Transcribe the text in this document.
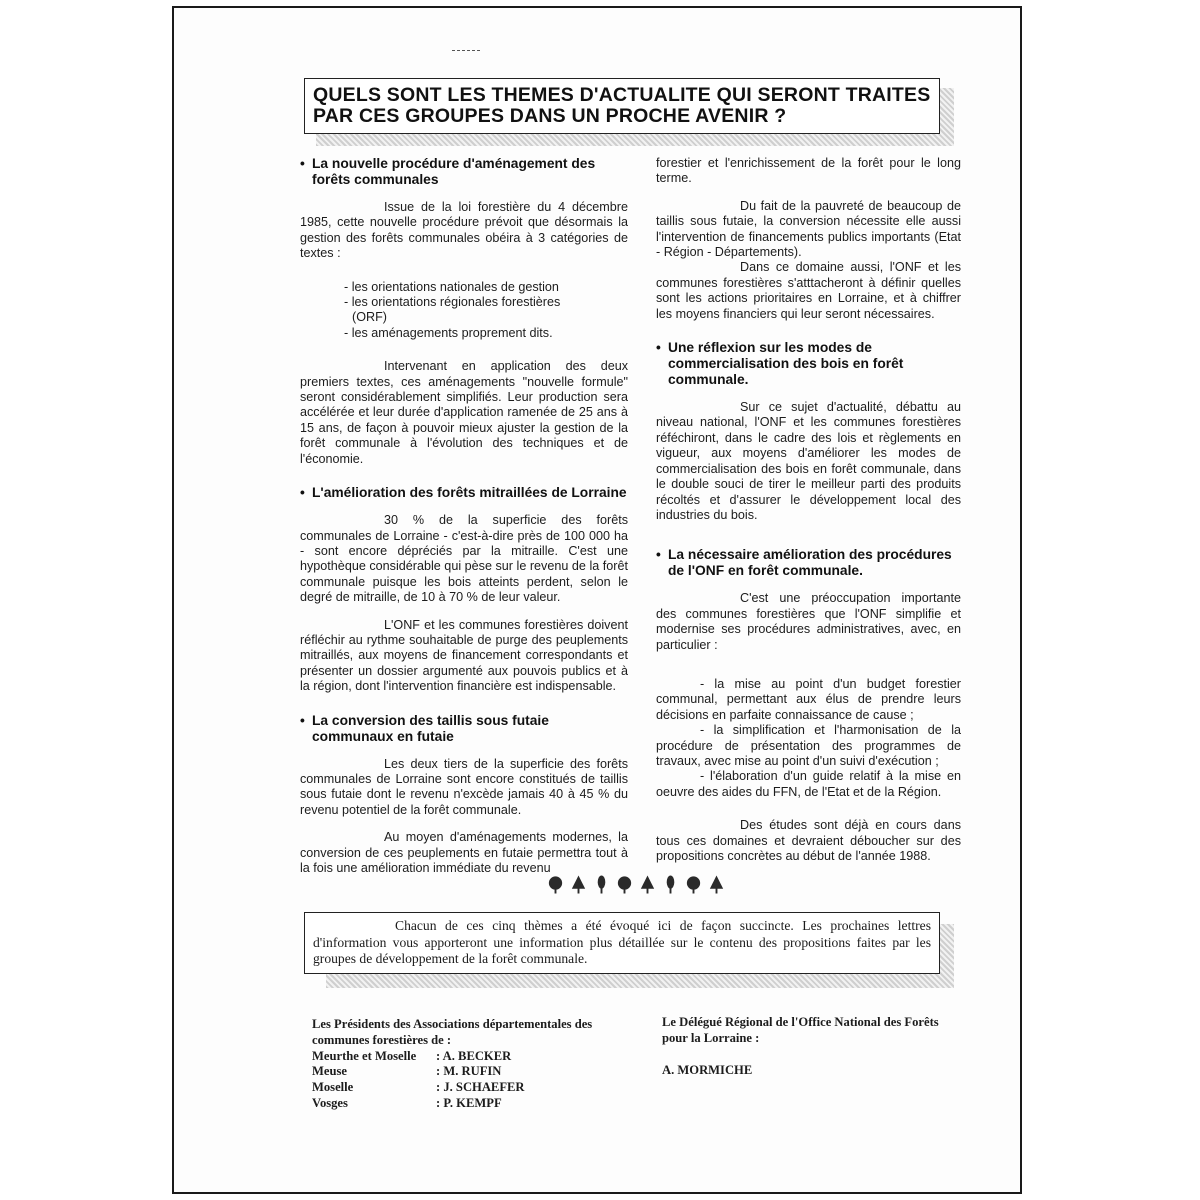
QUELS SONT LES THEMES D'ACTUALITE QUI SERONT TRAITES
PAR CES GROUPES DANS UN PROCHE AVENIR ?
• La nouvelle procédure d'aménagement des forêts communales

Issue de la loi forestière du 4 décembre 1985, cette nouvelle procédure prévoit que désormais la gestion des forêts communales obéira à 3 catégories de textes :

- les orientations nationales de gestion
- les orientations régionales forestières
(ORF)
- les aménagements proprement dits.

Intervenant en application des deux premiers textes, ces aménagements "nouvelle formule" seront considérablement simplifiés. Leur production sera accélérée et leur durée d'application ramenée de 25 ans à 15 ans, de façon à pouvoir mieux ajuster la gestion de la forêt communale à l'évolution des techniques et de l'économie.

• L'amélioration des forêts mitraillées de Lorraine

30 % de la superficie des forêts communales de Lorraine - c'est-à-dire près de 100 000 ha - sont encore dépréciés par la mitraille. C'est une hypothèque considérable qui pèse sur le revenu de la forêt communale puisque les bois atteints perdent, selon le degré de mitraille, de 10 à 70 % de leur valeur.

L'ONF et les communes forestières doivent réfléchir au rythme souhaitable de purge des peuplements mitraillés, aux moyens de financement correspondants et présenter un dossier argumenté aux pouvois publics et à la région, dont l'intervention financière est indispensable.

• La conversion des taillis sous futaie communaux en futaie

Les deux tiers de la superficie des forêts communales de Lorraine sont encore constitués de taillis sous futaie dont le revenu n'excède jamais 40 à 45 % du revenu potentiel de la forêt communale.

Au moyen d'aménagements modernes, la conversion de ces peuplements en futaie permettra tout à la fois une amélioration immédiate du revenu

forestier et l'enrichissement de la forêt pour le long terme.

Du fait de la pauvreté de beaucoup de taillis sous futaie, la conversion nécessite elle aussi l'intervention de financements publics importants (Etat - Région - Départements).

Dans ce domaine aussi, l'ONF et les communes forestières s'atttacheront à définir quelles sont les actions prioritaires en Lorraine, et à chiffrer les moyens financiers qui leur seront nécessaires.

• Une réflexion sur les modes de commercialisation des bois en forêt communale.

Sur ce sujet d'actualité, débattu au niveau national, l'ONF et les communes forestières réféchiront, dans le cadre des lois et règlements en vigueur, aux moyens d'améliorer les modes de commercialisation des bois en forêt communale, dans le double souci de tirer le meilleur parti des produits récoltés et d'assurer le développement local des industries du bois.

• La nécessaire amélioration des procédures de l'ONF en forêt communale.

C'est une préoccupation importante des communes forestières que l'ONF simplifie et modernise ses procédures administratives, avec, en particulier :

- la mise au point d'un budget forestier communal, permettant aux élus de prendre leurs décisions en parfaite connaissance de cause ;

- la simplification et l'harmonisation de la procédure de présentation des programmes de travaux, avec mise au point d'un suivi d'exécution ;

- l'élaboration d'un guide relatif à la mise en oeuvre des aides du FFN, de l'Etat et de la Région.

Des études sont déjà en cours dans tous ces domaines et devraient déboucher sur des propositions concrètes au début de l'année 1988.

Chacun de ces cinq thèmes a été évoqué ici de façon succincte. Les prochaines lettres d'information vous apporteront une information plus détaillée sur le contenu des propositions faites par les groupes de développement de la forêt communale.
Les Présidents des Associations départementales des communes forestières de :
Meurthe et Moselle	: A. BECKER
Meuse	: M. RUFIN
Moselle	: J. SCHAEFER
Vosges	: P. KEMPF
Le Délégué Régional de l'Office National des Forêts pour la Lorraine :
A. MORMICHE
